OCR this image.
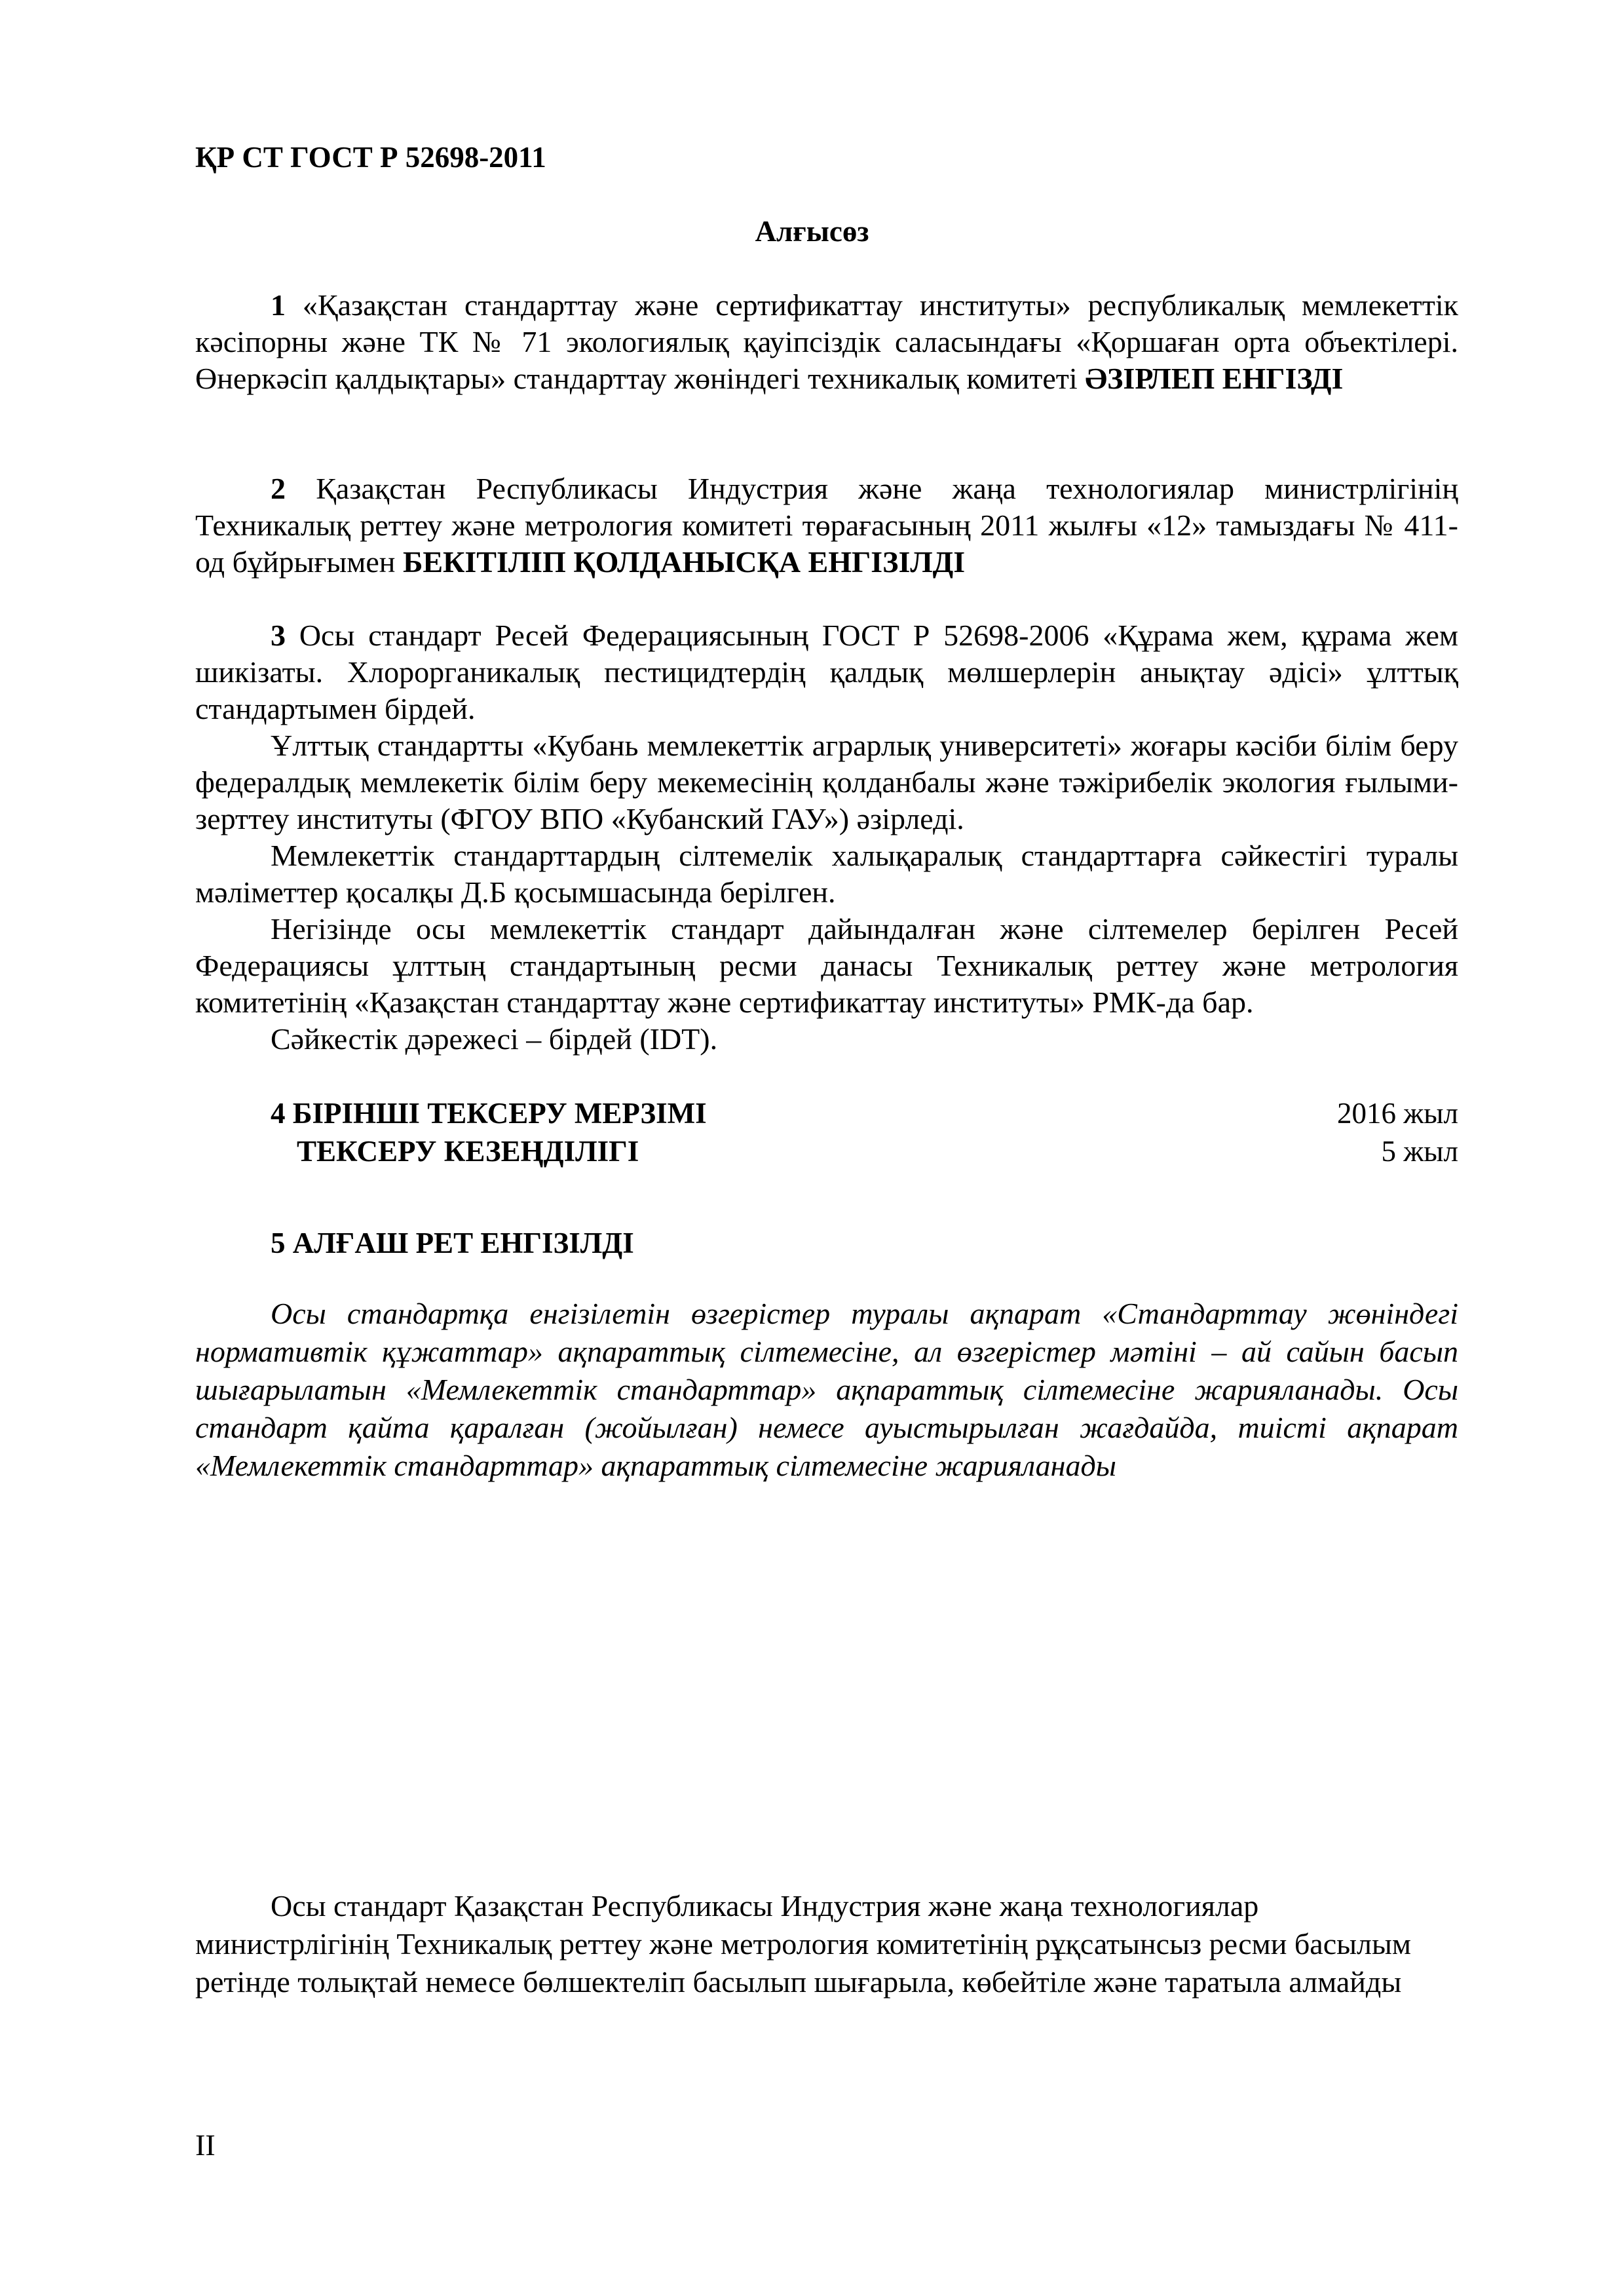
ҚР СТ ГОСТ Р 52698-2011

Алғысөз

1 «Қазақстан стандарттау және сертификаттау институты» республикалық мемлекеттік кәсіпорны және ТК № 71 экологиялық қауіпсіздік саласындағы «Қоршаған орта объектілері. Өнеркәсіп қалдықтары» стандарттау жөніндегі техникалық комитеті ӘЗІРЛЕП ЕНГІЗДІ

2 Қазақстан Республикасы Индустрия және жаңа технологиялар министрлігінің Техникалық реттеу және метрология комитеті төрағасының 2011 жылғы «12» тамыздағы № 411-од бұйрығымен БЕКІТІЛІП ҚОЛДАНЫСҚА ЕНГІЗІЛДІ

3 Осы стандарт Ресей Федерациясының ГОСТ Р 52698-2006 «Құрама жем, құрама жем шикізаты. Хлорорганикалық пестицидтердің қалдық мөлшерлерін анықтау әдісі» ұлттық стандартымен бірдей.

Ұлттық стандартты «Кубань мемлекеттік аграрлық университеті» жоғары кәсіби білім беру федералдық мемлекетік білім беру мекемесінің қолданбалы және тәжірибелік экология ғылыми-зерттеу институты (ФГОУ ВПО «Кубанский ГАУ») әзірледі.

Мемлекеттік стандарттардың сілтемелік халықаралық стандарттарға сәйкестігі туралы мәліметтер қосалқы Д.Б қосымшасында берілген.

Негізінде осы мемлекеттік стандарт дайындалған және сілтемелер берілген Ресей Федерациясы ұлттың стандартының ресми данасы Техникалық реттеу және метрология комитетінің «Қазақстан стандарттау және сертификаттау институты» РМК-да бар.

Сәйкестік дәрежесі – бірдей (IDT).

4 БІРІНШІ ТЕКСЕРУ МЕРЗІМІ	2016 жыл
ТЕКСЕРУ КЕЗЕҢДІЛІГІ	5 жыл

5 АЛҒАШ РЕТ ЕНГІЗІЛДІ

Осы стандартқа енгізілетін өзгерістер туралы ақпарат «Стандарттау жөніндегі нормативтік құжаттар» ақпараттық сілтемесіне, ал өзгерістер мәтіні – ай сайын басып шығарылатын «Мемлекеттік стандарттар» ақпараттық сілтемесіне жарияланады. Осы стандарт қайта қаралған (жойылған) немесе ауыстырылған жағдайда, тиісті ақпарат «Мемлекеттік стандарттар» ақпараттық сілтемесіне жарияланады

Осы стандарт Қазақстан Республикасы Индустрия және жаңа технологиялар министрлігінің Техникалық реттеу және метрология комитетінің рұқсатынсыз ресми басылым ретінде толықтай немесе бөлшектеліп басылып шығарыла, көбейтіле және таратыла алмайды

II
